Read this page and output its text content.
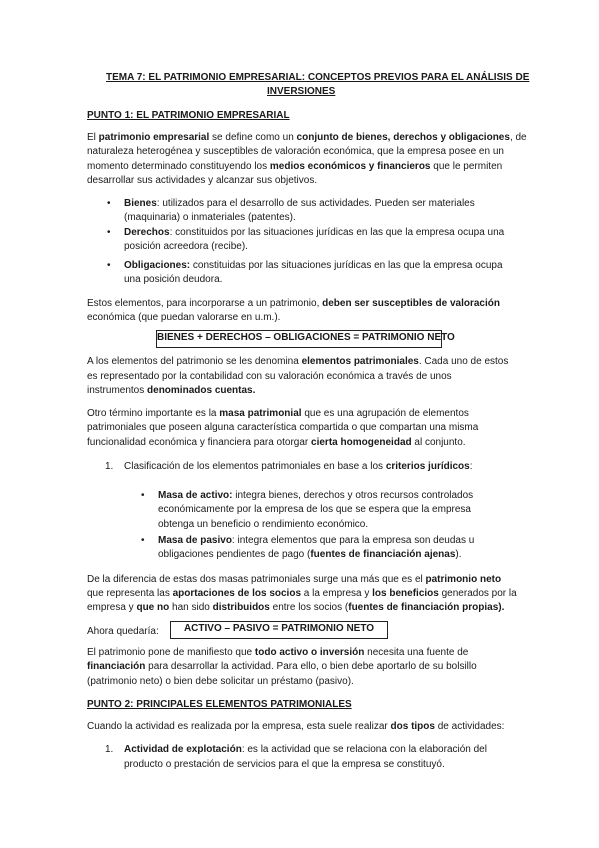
TEMA 7: EL PATRIMONIO EMPRESARIAL: CONCEPTOS PREVIOS PARA EL ANÁLISIS DE
INVERSIONES
PUNTO 1: EL PATRIMONIO EMPRESARIAL
El patrimonio empresarial se define como un conjunto de bienes, derechos y obligaciones, de
naturaleza heterogénea y susceptibles de valoración económica, que la empresa posee en un
momento determinado constituyendo los medios económicos y financieros que le permiten
desarrollar sus actividades y alcanzar sus objetivos.
• Bienes: utilizados para el desarrollo de sus actividades. Pueden ser materiales
(maquinaria) o inmateriales (patentes).
• Derechos: constituidos por las situaciones jurídicas en las que la empresa ocupa una
posición acreedora (recibe).
• Obligaciones: constituidas por las situaciones jurídicas en las que la empresa ocupa
una posición deudora.
Estos elementos, para incorporarse a un patrimonio, deben ser susceptibles de valoración
económica (que puedan valorarse en u.m.).
BIENES + DERECHOS – OBLIGACIONES = PATRIMONIO NETO
A los elementos del patrimonio se les denomina elementos patrimoniales. Cada uno de estos
es representado por la contabilidad con su valoración económica a través de unos
instrumentos denominados cuentas.
Otro término importante es la masa patrimonial que es una agrupación de elementos
patrimoniales que poseen alguna característica compartida o que compartan una misma
funcionalidad económica y financiera para otorgar cierta homogeneidad al conjunto.
1. Clasificación de los elementos patrimoniales en base a los criterios jurídicos:
• Masa de activo: integra bienes, derechos y otros recursos controlados
económicamente por la empresa de los que se espera que la empresa
obtenga un beneficio o rendimiento económico.
• Masa de pasivo: integra elementos que para la empresa son deudas u
obligaciones pendientes de pago (fuentes de financiación ajenas).
De la diferencia de estas dos masas patrimoniales surge una más que es el patrimonio neto
que representa las aportaciones de los socios a la empresa y los beneficios generados por la
empresa y que no han sido distribuidos entre los socios (fuentes de financiación propias).
Ahora quedaría:	ACTIVO – PASIVO = PATRIMONIO NETO
El patrimonio pone de manifiesto que todo activo o inversión necesita una fuente de
financiación para desarrollar la actividad. Para ello, o bien debe aportarlo de su bolsillo
(patrimonio neto) o bien debe solicitar un préstamo (pasivo).
PUNTO 2: PRINCIPALES ELEMENTOS PATRIMONIALES
Cuando la actividad es realizada por la empresa, esta suele realizar dos tipos de actividades:
1. Actividad de explotación: es la actividad que se relaciona con la elaboración del
producto o prestación de servicios para el que la empresa se constituyó.
